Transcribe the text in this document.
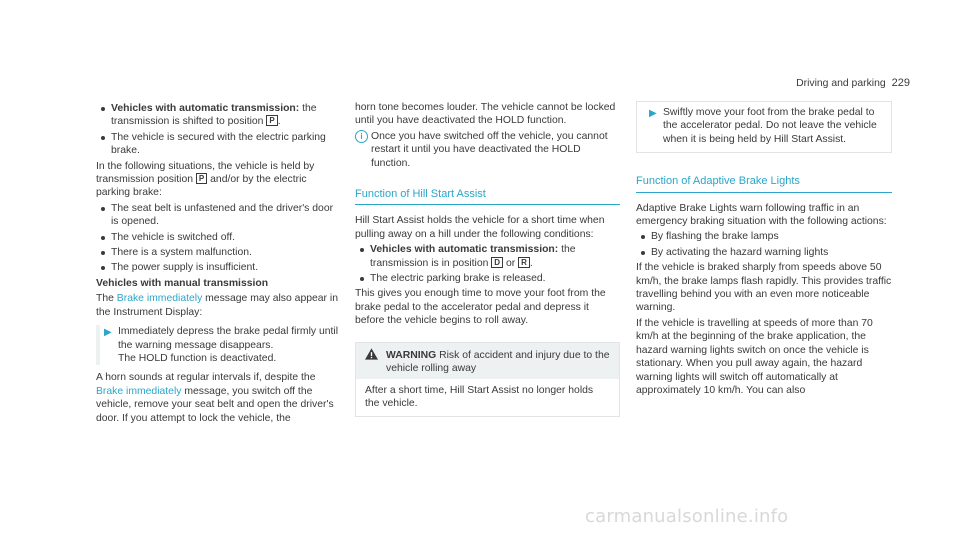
Driving and parking 229
Vehicles with automatic transmission: the transmission is shifted to position P .
The vehicle is secured with the electric parking brake.

In the following situations, the vehicle is held by transmission position P and/or by the electric parking brake:

The seat belt is unfastened and the driver's door is opened.
The vehicle is switched off.
There is a system malfunction.
The power supply is insufficient.

Vehicles with manual transmission

The Brake immediately message may also appear in the Instrument Display:

▶ Immediately depress the brake pedal firmly until the warning message disappears.
The HOLD function is deactivated.

A horn sounds at regular intervals if, despite the Brake immediately message, you switch off the vehicle, remove your seat belt and open the driver's door. If you attempt to lock the vehicle, the

horn tone becomes louder. The vehicle cannot be locked until you have deactivated the HOLD function.

i Once you have switched off the vehicle, you cannot restart it until you have deactivated the HOLD function.
Function of Hill Start Assist

Hill Start Assist holds the vehicle for a short time when pulling away on a hill under the following conditions:

Vehicles with automatic transmission: the transmission is in position D or R .
The electric parking brake is released.

This gives you enough time to move your foot from the brake pedal to the accelerator pedal and depress it before the vehicle begins to roll away.

WARNING Risk of accident and injury due to the vehicle rolling away
After a short time, Hill Start Assist no longer holds the vehicle.
▶ Swiftly move your foot from the brake pedal to the accelerator pedal. Do not leave the vehicle when it is being held by Hill Start Assist.
Function of Adaptive Brake Lights

Adaptive Brake Lights warn following traffic in an emergency braking situation with the following actions:

By flashing the brake lamps
By activating the hazard warning lights

If the vehicle is braked sharply from speeds above 50 km/h, the brake lamps flash rapidly. This provides traffic travelling behind you with an even more noticeable warning.

If the vehicle is travelling at speeds of more than 70 km/h at the beginning of the brake application, the hazard warning lights switch on once the vehicle is stationary. When you pull away again, the hazard warning lights will switch off automatically at approximately 10 km/h. You can also

carmanualsonline.info
